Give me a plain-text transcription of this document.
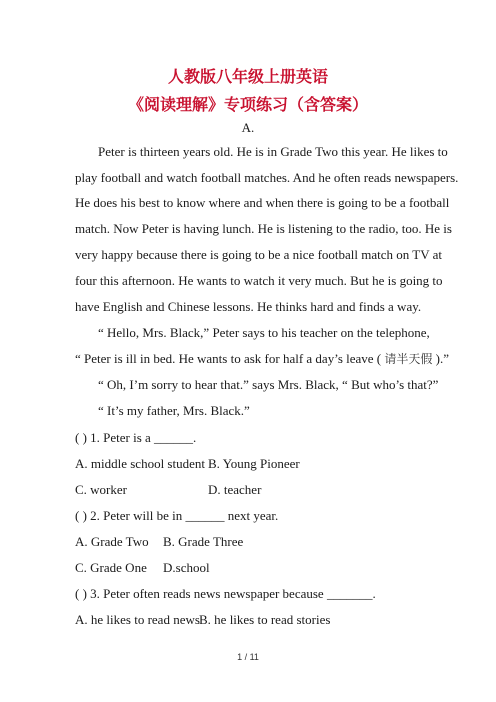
人教版八年级上册英语
《阅读理解》专项练习（含答案）
A.
Peter is thirteen years old. He is in Grade Two this year. He likes to
play football and watch football matches. And he often reads newspapers.
He does his best to know where and when there is going to be a football
match. Now Peter is having lunch. He is listening to the radio, too. He is
very happy because there is going to be a nice football match on TV at
four this afternoon. He wants to watch it very much. But he is going to
have English and Chinese lessons. He thinks hard and finds a way.
“ Hello, Mrs. Black,” Peter says to his teacher on the telephone,
“ Peter is ill in bed. He wants to ask for half a day’s leave ( 请半天假 ).”
“ Oh, I’m sorry to hear that.” says Mrs. Black, “ But who’s that?”
“ It’s my father, Mrs. Black.”
( ) 1. Peter is a ______.
A. middle school student B. Young Pioneer
C. worker	D. teacher
( ) 2. Peter will be in ______ next year.
A. Grade Two B. Grade Three
C. Grade One D.school
( ) 3. Peter often reads news newspaper because _______.
A. he likes to read news B. he likes to read stories
1 / 11
